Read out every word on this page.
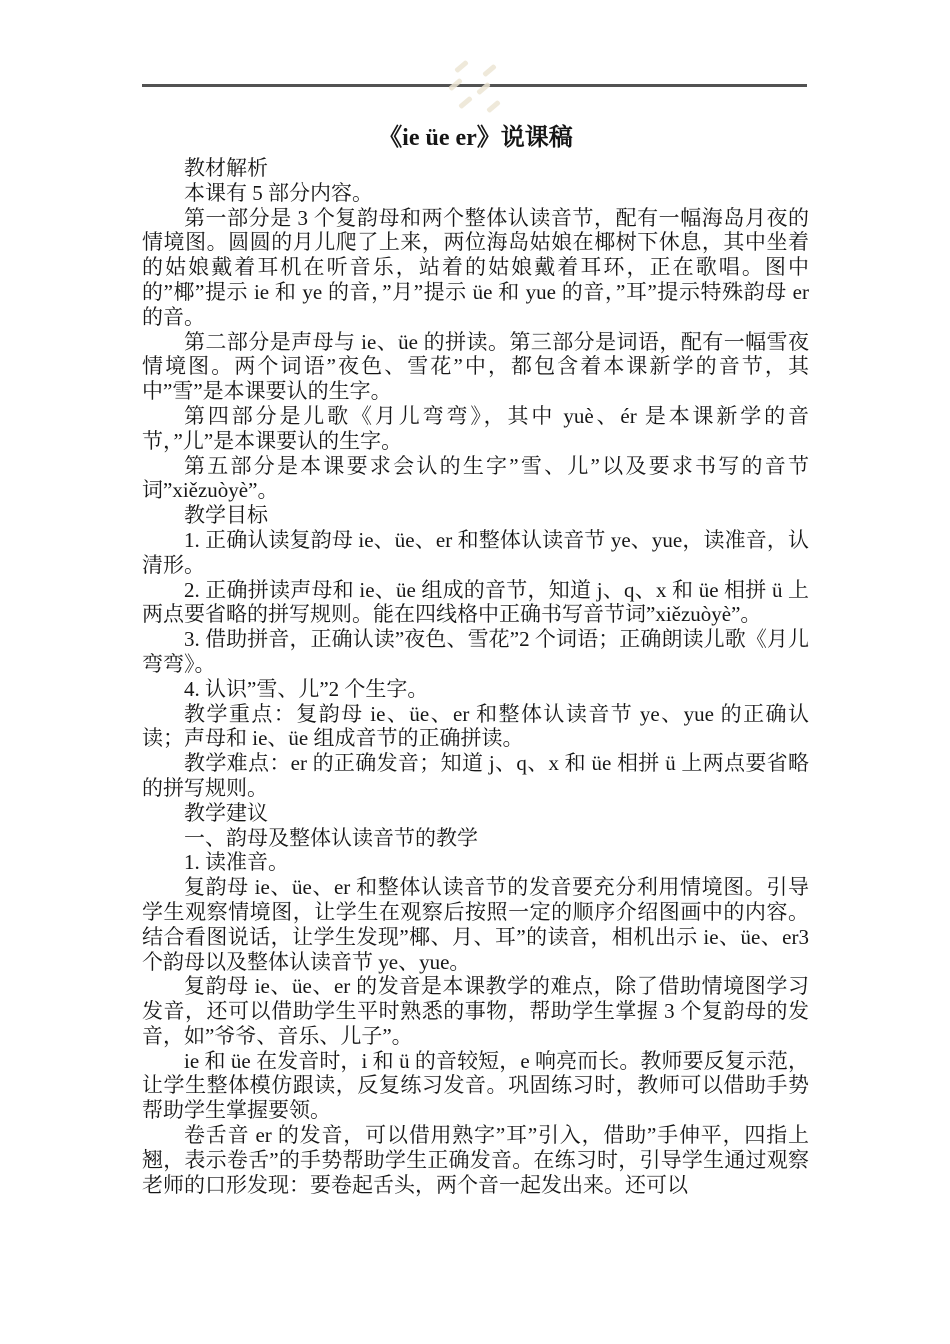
《ie üe er》说课稿

教材解析

本课有 5 部分内容。

第一部分是 3 个复韵母和两个整体认读音节，配有一幅海岛月夜的情境图。圆圆的月儿爬了上来，两位海岛姑娘在椰树下休息，其中坐着的姑娘戴着耳机在听音乐，站着的姑娘戴着耳环，正在歌唱。图中的”椰”提示 ie 和 ye 的音，”月”提示 üe 和 yue 的音，”耳”提示特殊韵母 er 的音。

第二部分是声母与 ie、üe 的拼读。第三部分是词语，配有一幅雪夜情境图。两个词语”夜色、雪花”中，都包含着本课新学的音节，其中”雪”是本课要认的生字。

第四部分是儿歌《月儿弯弯》，其中 yuè、ér 是本课新学的音节，”儿”是本课要认的生字。

第五部分是本课要求会认的生字”雪、儿”以及要求书写的音节词”xiězuòyè”。

教学目标

1. 正确认读复韵母 ie、üe、er 和整体认读音节 ye、yue，读准音，认清形。

2. 正确拼读声母和 ie、üe 组成的音节，知道 j、q、x 和 üe 相拼 ü 上两点要省略的拼写规则。能在四线格中正确书写音节词”xiězuòyè”。

3. 借助拼音，正确认读”夜色、雪花”2 个词语；正确朗读儿歌《月儿弯弯》。

4. 认识”雪、儿”2 个生字。

教学重点：复韵母 ie、üe、er 和整体认读音节 ye、yue 的正确认读；声母和 ie、üe 组成音节的正确拼读。

教学难点：er 的正确发音；知道 j、q、x 和 üe 相拼 ü 上两点要省略的拼写规则。

教学建议

一、韵母及整体认读音节的教学

1. 读准音。

复韵母 ie、üe、er 和整体认读音节的发音要充分利用情境图。引导学生观察情境图，让学生在观察后按照一定的顺序介绍图画中的内容。结合看图说话，让学生发现”椰、月、耳”的读音，相机出示 ie、üe、er3 个韵母以及整体认读音节 ye、yue。

复韵母 ie、üe、er 的发音是本课教学的难点，除了借助情境图学习发音，还可以借助学生平时熟悉的事物，帮助学生掌握 3 个复韵母的发音，如”爷爷、音乐、儿子”。

ie 和 üe 在发音时，i 和 ü 的音较短，e 响亮而长。教师要反复示范，让学生整体模仿跟读，反复练习发音。巩固练习时，教师可以借助手势帮助学生掌握要领。

卷舌音 er 的发音，可以借用熟字”耳”引入，借助”手伸平，四指上翘，表示卷舌”的手势帮助学生正确发音。在练习时，引导学生通过观察老师的口形发现：要卷起舌头，两个音一起发出来。还可以
